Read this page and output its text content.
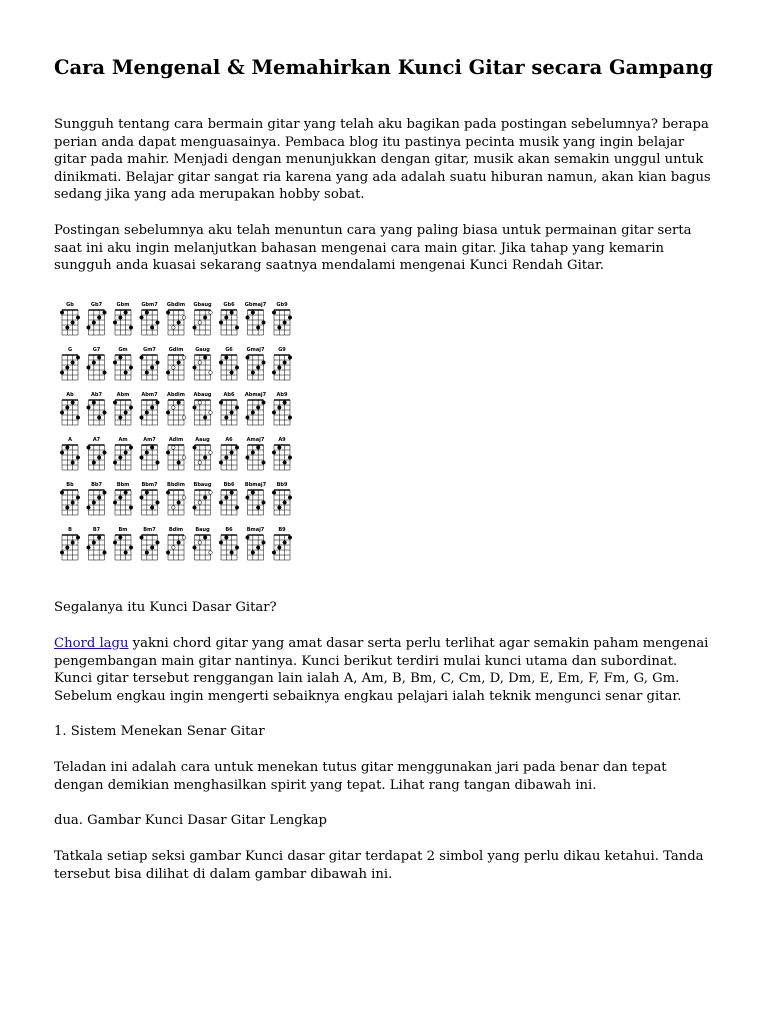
Cara Mengenal & Memahirkan Kunci Gitar secara Gampang

Sungguh tentang cara bermain gitar yang telah aku bagikan pada postingan sebelumnya? berapa perian anda dapat menguasainya. Pembaca blog itu pastinya pecinta musik yang ingin belajar gitar pada mahir. Menjadi dengan menunjukkan dengan gitar, musik akan semakin unggul untuk dinikmati. Belajar gitar sangat ria karena yang ada adalah suatu hiburan namun, akan kian bagus sedang jika yang ada merupakan hobby sobat.

Postingan sebelumnya aku telah menuntun cara yang paling biasa untuk permainan gitar serta saat ini aku ingin melanjutkan bahasan mengenai cara main gitar. Jika tahap yang kemarin sungguh anda kuasai sekarang saatnya mendalami mengenai Kunci Rendah Gitar.

Gb	Gb7	Gbm Gbm7 Gbdim Gbaug Gb6 Gbmaj7 Gb9
G	G7	Gm	Gm7	Gdim Gaug	G6	Gmaj7	G9
Ab	Ab7	Abm Abm7 Abdim Abaug Ab6 Abmaj7 Ab9
A	A7	Am	Am7	Adim Aaug	A6	Amaj7	A9
Bb	Bb7	Bbm Bbm7 Bbdim Bbaug Bb6 Bbmaj7 Bb9
B	B7	Bm	Bm7	Bdim Baug	B6	Bmaj7	B9

Segalanya itu Kunci Dasar Gitar?

Chord lagu yakni chord gitar yang amat dasar serta perlu terlihat agar semakin paham mengenai pengembangan main gitar nantinya. Kunci berikut terdiri mulai kunci utama dan subordinat. Kunci gitar tersebut renggangan lain ialah A, Am, B, Bm, C, Cm, D, Dm, E, Em, F, Fm, G, Gm. Sebelum engkau ingin mengerti sebaiknya engkau pelajari ialah teknik mengunci senar gitar.

1. Sistem Menekan Senar Gitar

Teladan ini adalah cara untuk menekan tutus gitar menggunakan jari pada benar dan tepat dengan demikian menghasilkan spirit yang tepat. Lihat rang tangan dibawah ini.

dua. Gambar Kunci Dasar Gitar Lengkap

Tatkala setiap seksi gambar Kunci dasar gitar terdapat 2 simbol yang perlu dikau ketahui. Tanda tersebut bisa dilihat di dalam gambar dibawah ini.
